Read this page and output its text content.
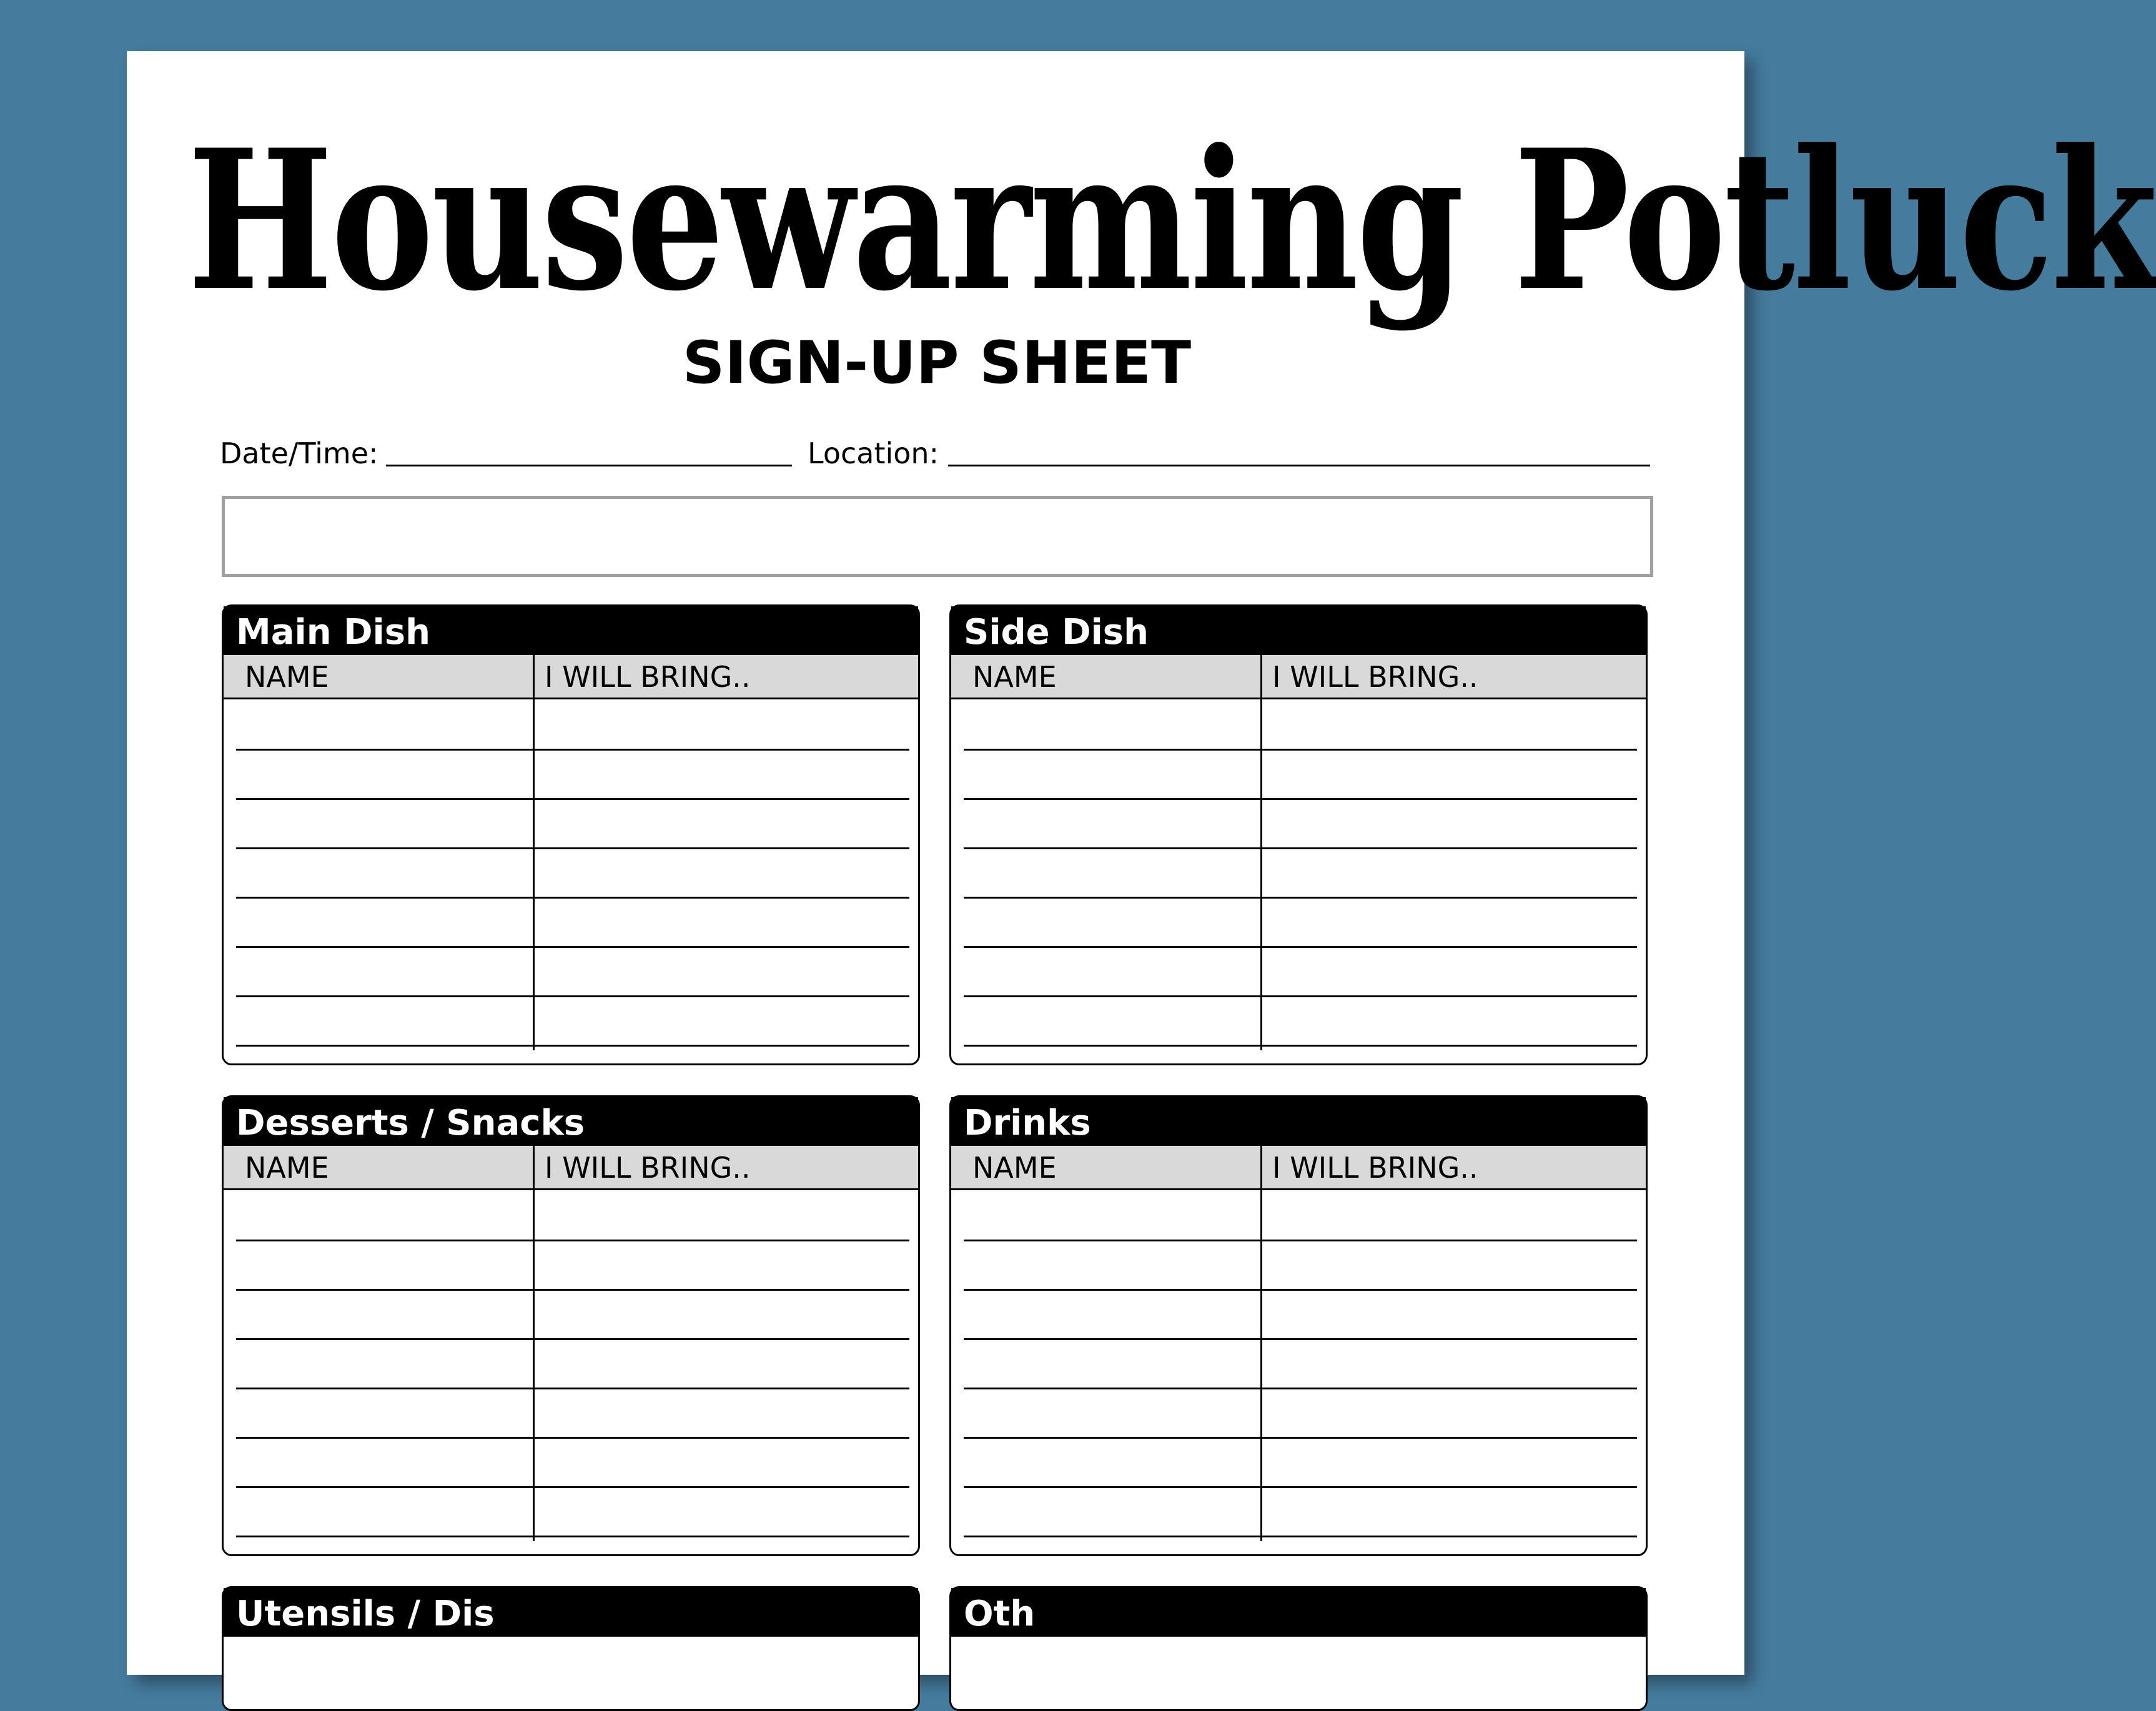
Housewarming Potluck
SIGN-UP SHEET
Date/Time:	Location:
Main Dish
NAME	I WILL BRING..
Side Dish
NAME	I WILL BRING..
Desserts / Snacks
NAME	I WILL BRING..
Drinks
NAME	I WILL BRING..
Utensils / Dis	Oth
